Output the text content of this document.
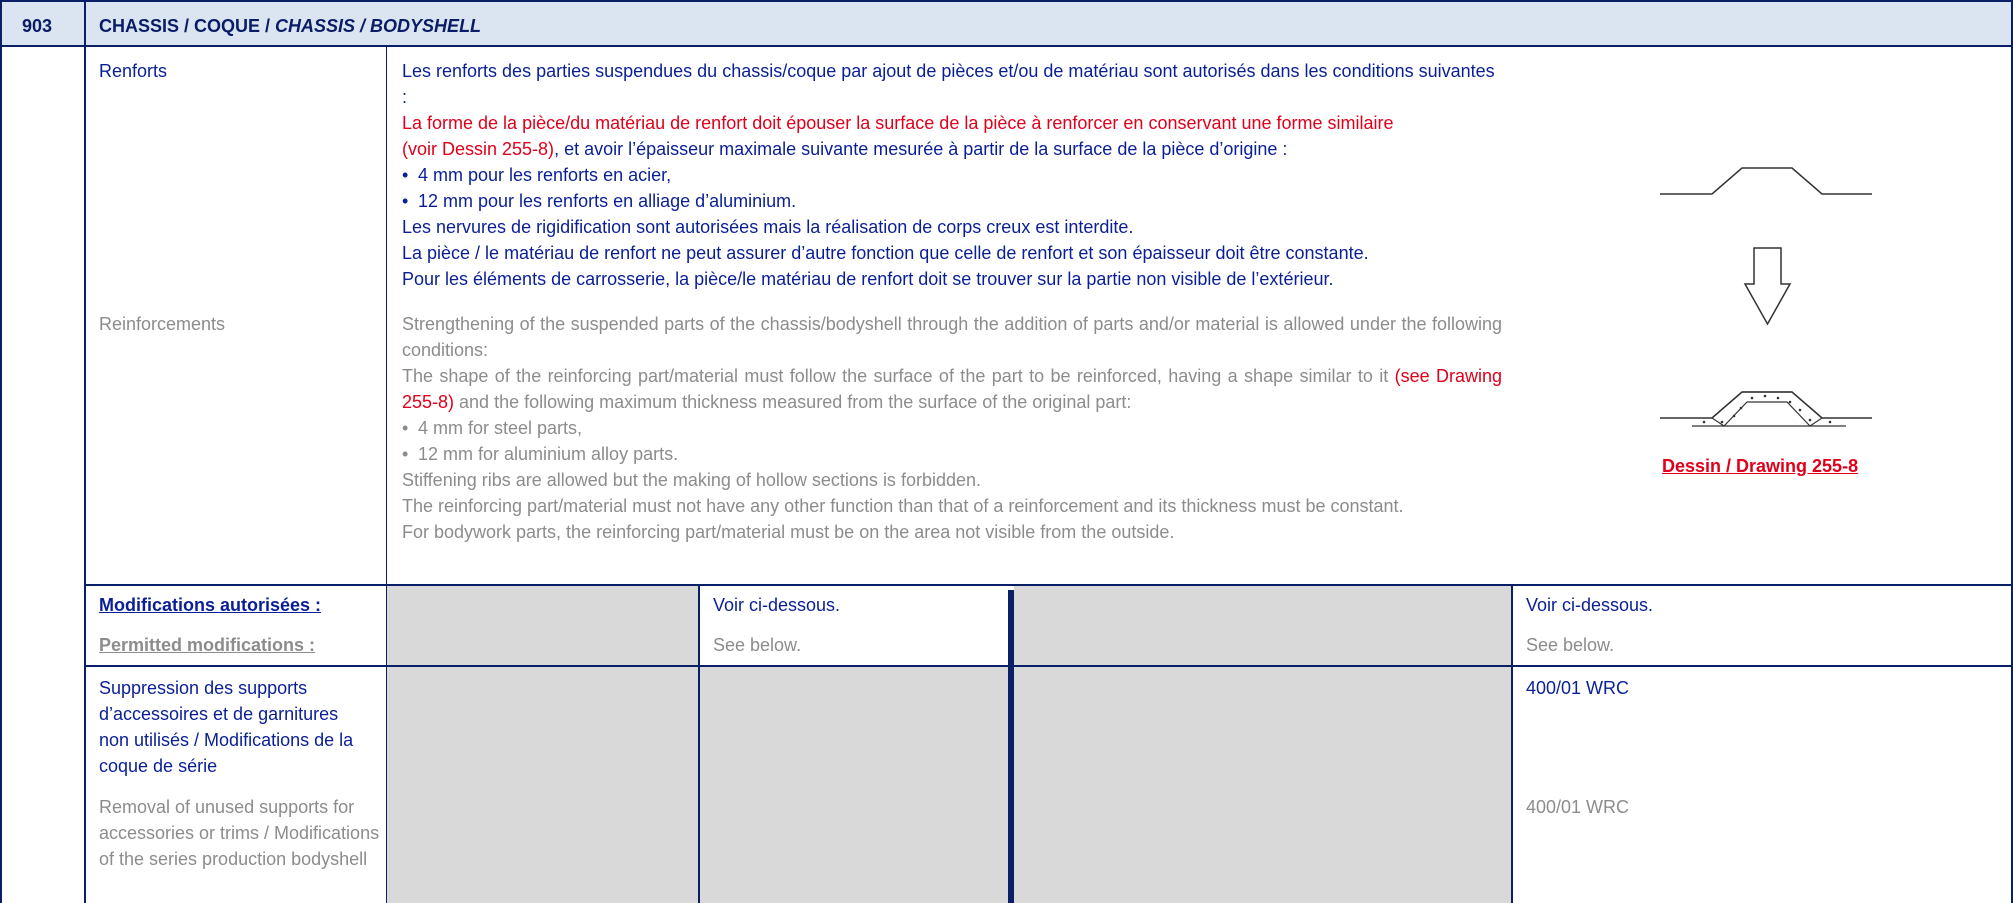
903	CHASSIS / COQUE / CHASSIS / BODYSHELL
Renforts
Reinforcements
Les renforts des parties suspendues du chassis/coque par ajout de pièces et/ou de matériau sont autorisés dans les conditions suivantes :
La forme de la pièce/du matériau de renfort doit épouser la surface de la pièce à renforcer en conservant une forme similaire
(voir Dessin 255-8), et avoir l’épaisseur maximale suivante mesurée à partir de la surface de la pièce d’origine :
• 4 mm pour les renforts en acier,
• 12 mm pour les renforts en alliage d’aluminium.
Les nervures de rigidification sont autorisées mais la réalisation de corps creux est interdite.
La pièce / le matériau de renfort ne peut assurer d’autre fonction que celle de renfort et son épaisseur doit être constante.
Pour les éléments de carrosserie, la pièce/le matériau de renfort doit se trouver sur la partie non visible de l’extérieur.
Strengthening of the suspended parts of the chassis/bodyshell through the addition of parts and/or material is allowed under the following conditions:
The shape of the reinforcing part/material must follow the surface of the part to be reinforced, having a shape similar to it (see Drawing 255-8) and the following maximum thickness measured from the surface of the original part:
• 4 mm for steel parts,
• 12 mm for aluminium alloy parts.
Stiffening ribs are allowed but the making of hollow sections is forbidden.
The reinforcing part/material must not have any other function than that of a reinforcement and its thickness must be constant.
For bodywork parts, the reinforcing part/material must be on the area not visible from the outside.
Dessin / Drawing 255-8
Modifications autorisées :
Permitted modifications :
Voir ci-dessous.
See below.
Voir ci-dessous.
See below.
Suppression des supports d’accessoires et de garnitures non utilisés / Modifications de la coque de série
Removal of unused supports for accessories or trims / Modifications of the series production bodyshell
400/01 WRC
400/01 WRC
